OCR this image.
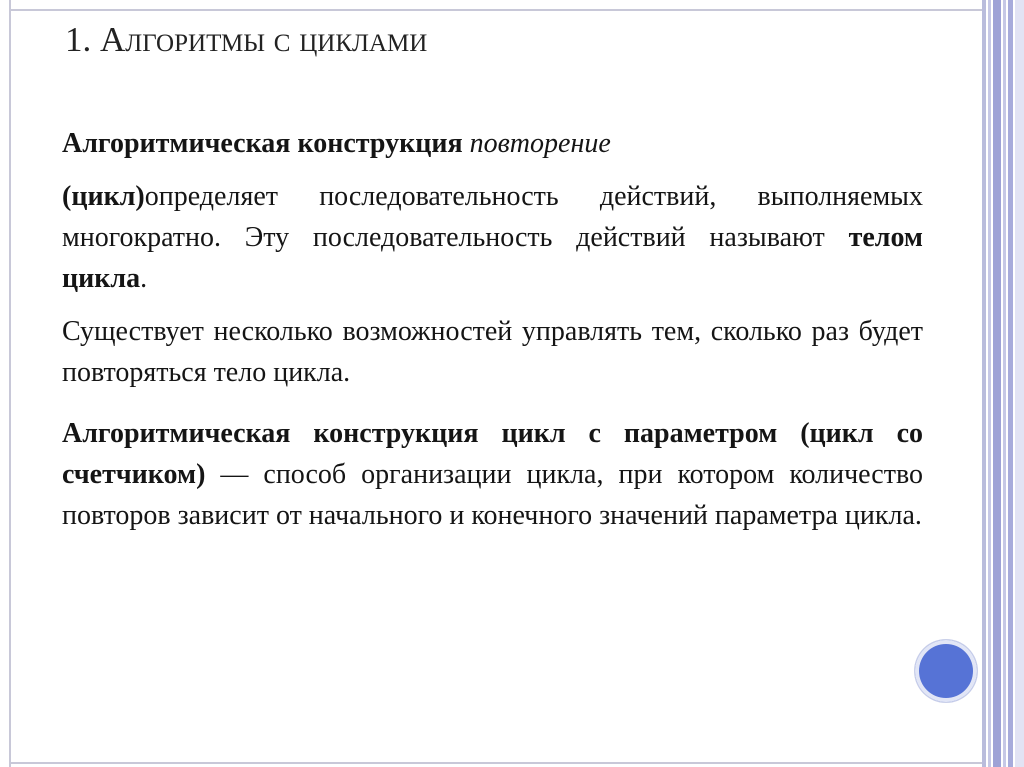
1. Алгоритмы с циклами

Алгоритмическая конструкция повторение

(цикл)определяет последовательность действий, выполняемых многократно. Эту последовательность действий называют телом цикла.

Существует несколько возможностей управлять тем, сколько раз будет повторяться тело цикла.

Алгоритмическая конструкция цикл с параметром (цикл со счетчиком) — способ организации цикла, при котором количество повторов зависит от начального и конечного значений параметра цикла.
